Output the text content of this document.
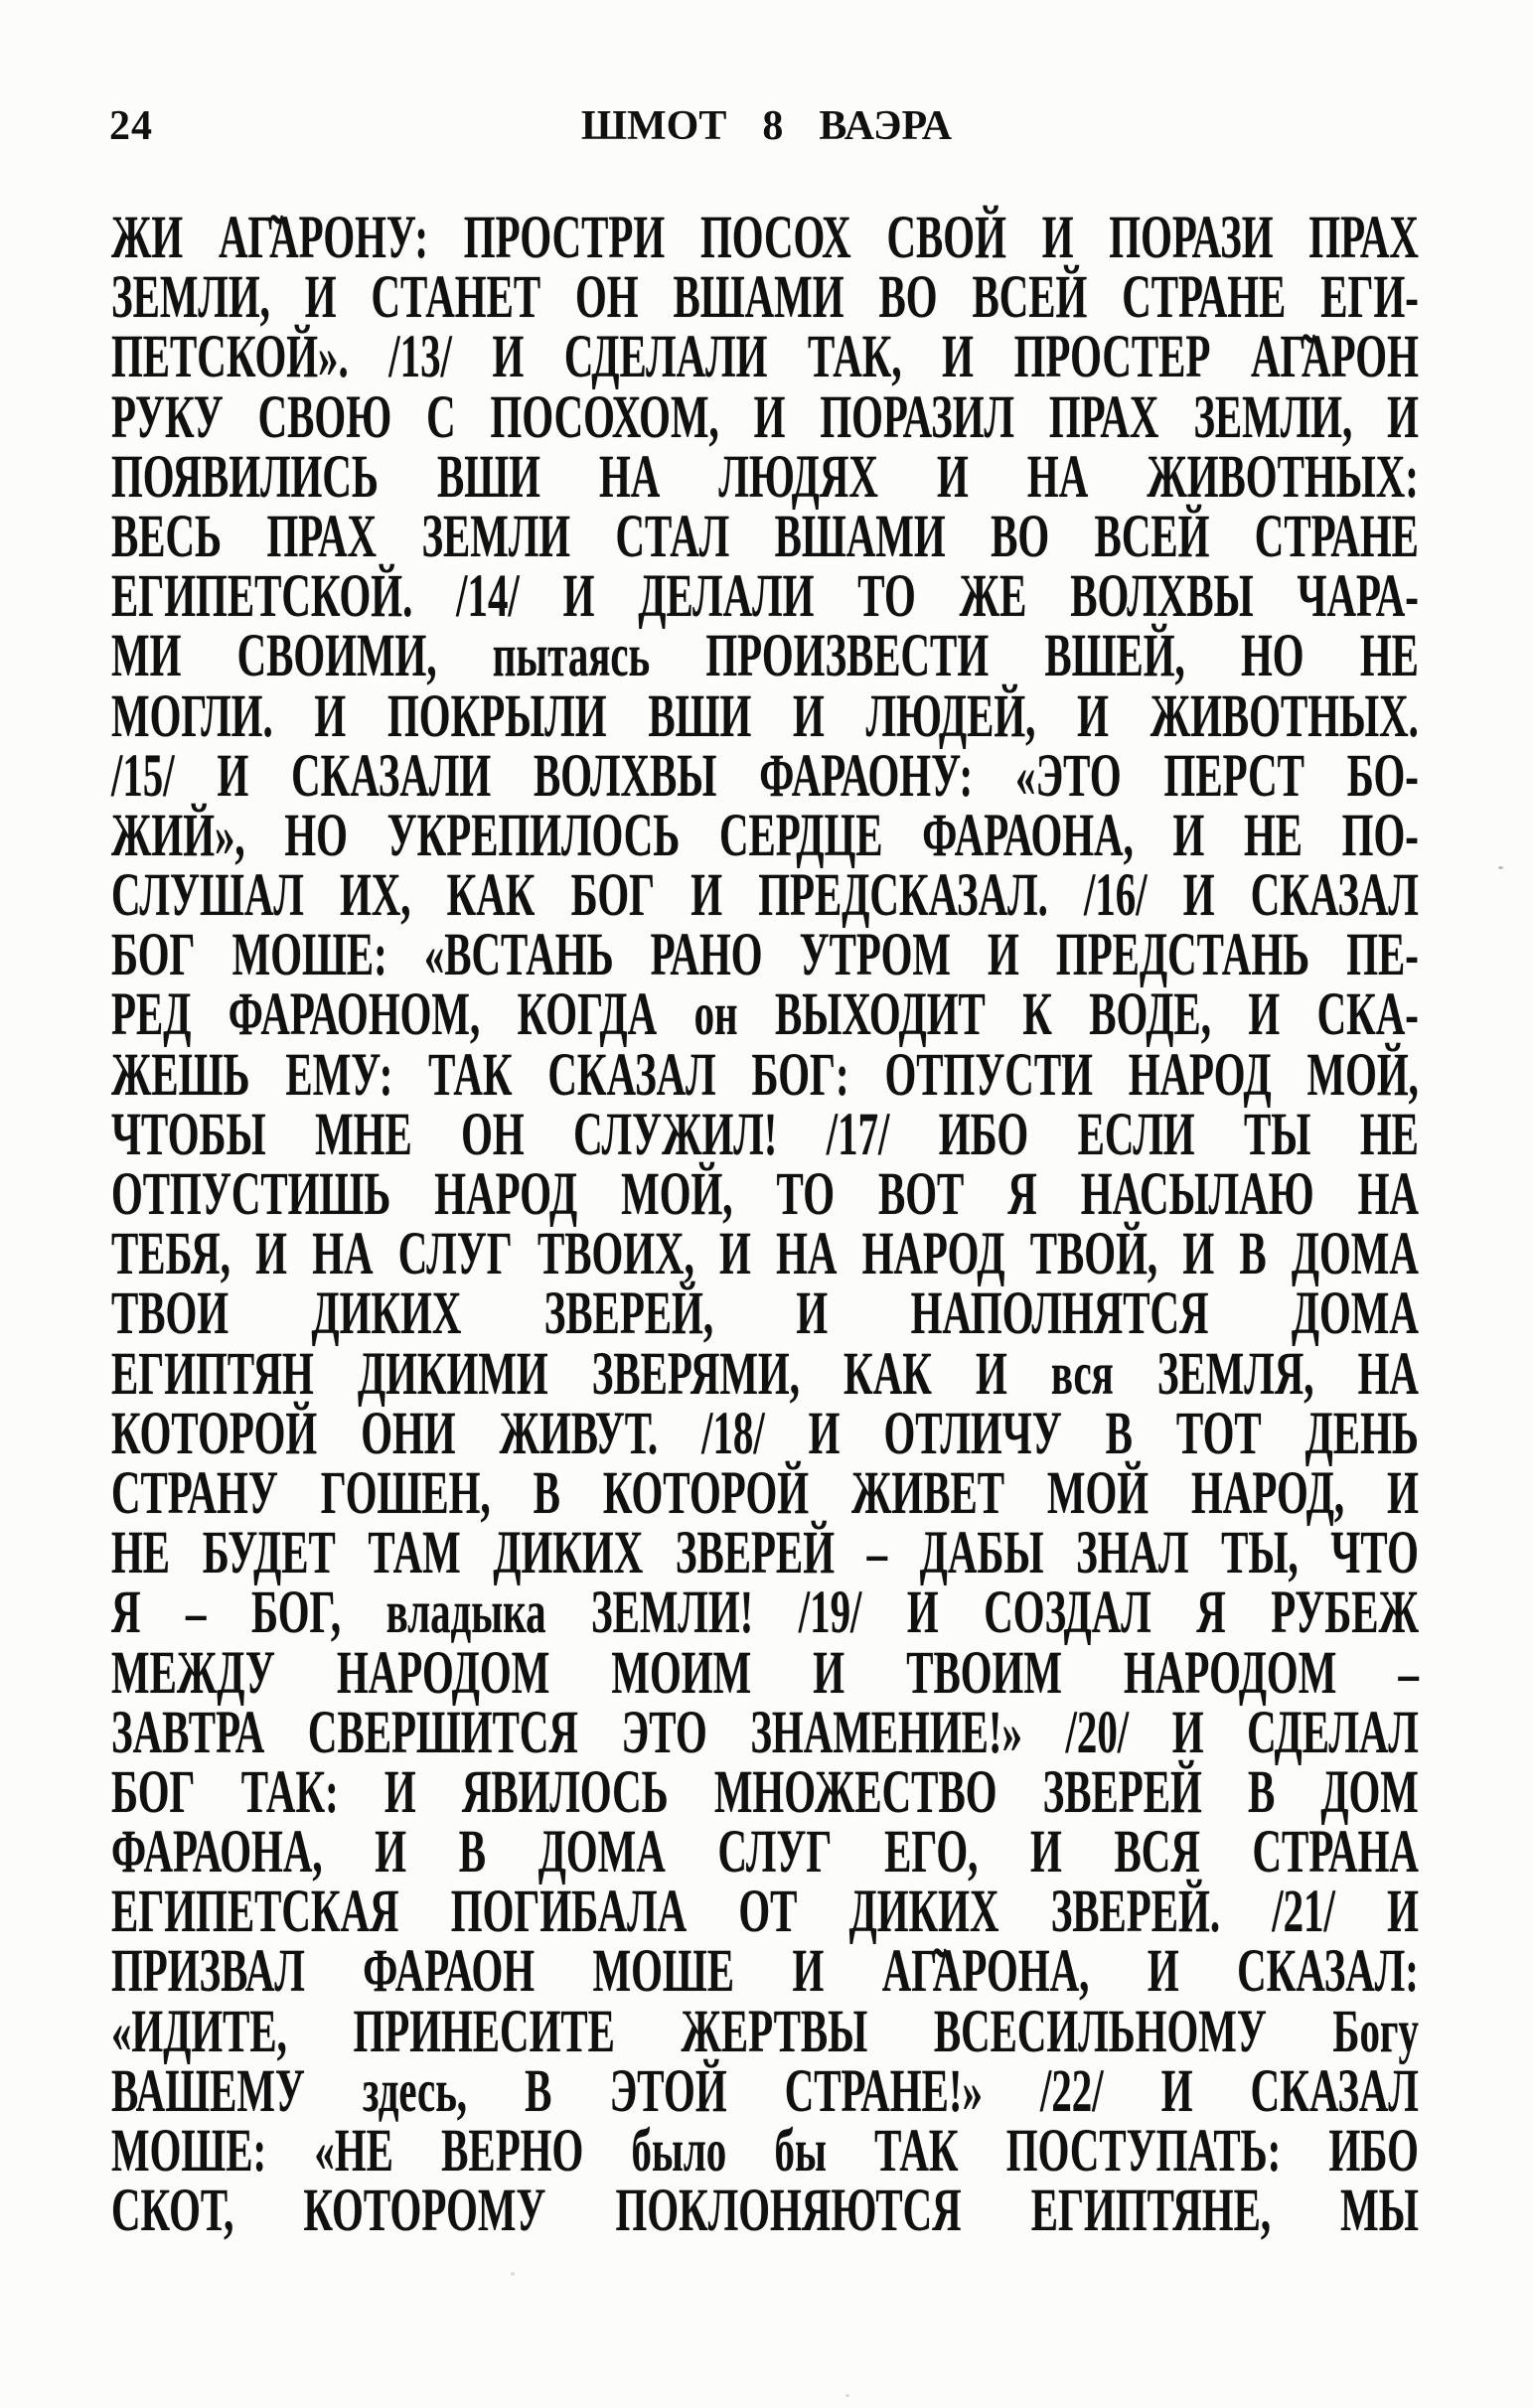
24	ШМОТ 8 ВАЭРА
ЖИ АГ̃АРОНУ: ПРОСТРИ ПОСОХ СВОЙ И ПОРАЗИ ПРАХ
ЗЕМЛИ, И СТАНЕТ ОН ВШАМИ ВО ВСЕЙ СТРАНЕ ЕГИ-
ПЕТСКОЙ». /13/ И СДЕЛАЛИ ТАК, И ПРОСТЕР АГ̃АРОН
РУКУ СВОЮ С ПОСОХОМ, И ПОРАЗИЛ ПРАХ ЗЕМЛИ, И
ПОЯВИЛИСЬ ВШИ НА ЛЮДЯХ И НА ЖИВОТНЫХ:
ВЕСЬ ПРАХ ЗЕМЛИ СТАЛ ВШАМИ ВО ВСЕЙ СТРАНЕ
ЕГИПЕТСКОЙ. /14/ И ДЕЛАЛИ ТО ЖЕ ВОЛХВЫ ЧАРА-
МИ СВОИМИ, пытаясь ПРОИЗВЕСТИ ВШЕЙ, НО НЕ
МОГЛИ. И ПОКРЫЛИ ВШИ И ЛЮДЕЙ, И ЖИВОТНЫХ.
/15/ И СКАЗАЛИ ВОЛХВЫ ФАРАОНУ: «ЭТО ПЕРСТ БО-
ЖИЙ», НО УКРЕПИЛОСЬ СЕРДЦЕ ФАРАОНА, И НЕ ПО-
СЛУШАЛ ИХ, КАК БОГ И ПРЕДСКАЗАЛ. /16/ И СКАЗАЛ
БОГ МОШЕ: «ВСТАНЬ РАНО УТРОМ И ПРЕДСТАНЬ ПЕ-
РЕД ФАРАОНОМ, КОГДА он ВЫХОДИТ К ВОДЕ, И СКА-
ЖЕШЬ ЕМУ: ТАК СКАЗАЛ БОГ: ОТПУСТИ НАРОД МОЙ,
ЧТОБЫ МНЕ ОН СЛУЖИЛ! /17/ ИБО ЕСЛИ ТЫ НЕ
ОТПУСТИШЬ НАРОД МОЙ, ТО ВОТ Я НАСЫЛАЮ НА
ТЕБЯ, И НА СЛУГ ТВОИХ, И НА НАРОД ТВОЙ, И В ДОМА
ТВОИ ДИКИХ ЗВЕРЕЙ, И НАПОЛНЯТСЯ ДОМА
ЕГИПТЯН ДИКИМИ ЗВЕРЯМИ, КАК И вся ЗЕМЛЯ, НА
КОТОРОЙ ОНИ ЖИВУТ. /18/ И ОТЛИЧУ В ТОТ ДЕНЬ
СТРАНУ ГОШЕН, В КОТОРОЙ ЖИВЕТ МОЙ НАРОД, И
НЕ БУДЕТ ТАМ ДИКИХ ЗВЕРЕЙ – ДАБЫ ЗНАЛ ТЫ, ЧТО
Я – БОГ, владыка ЗЕМЛИ! /19/ И СОЗДАЛ Я РУБЕЖ
МЕЖДУ НАРОДОМ МОИМ И ТВОИМ НАРОДОМ –
ЗАВТРА СВЕРШИТСЯ ЭТО ЗНАМЕНИЕ!» /20/ И СДЕЛАЛ
БОГ ТАК: И ЯВИЛОСЬ МНОЖЕСТВО ЗВЕРЕЙ В ДОМ
ФАРАОНА, И В ДОМА СЛУГ ЕГО, И ВСЯ СТРАНА
ЕГИПЕТСКАЯ ПОГИБАЛА ОТ ДИКИХ ЗВЕРЕЙ. /21/ И
ПРИЗВАЛ ФАРАОН МОШЕ И АГ̃АРОНА, И СКАЗАЛ:
«ИДИТЕ, ПРИНЕСИТЕ ЖЕРТВЫ ВСЕСИЛЬНОМУ Богу
ВАШЕМУ здесь, В ЭТОЙ СТРАНЕ!» /22/ И СКАЗАЛ
МОШЕ: «НЕ ВЕРНО было бы ТАК ПОСТУПАТЬ: ИБО
СКОТ, КОТОРОМУ ПОКЛОНЯЮТСЯ ЕГИПТЯНЕ, МЫ
